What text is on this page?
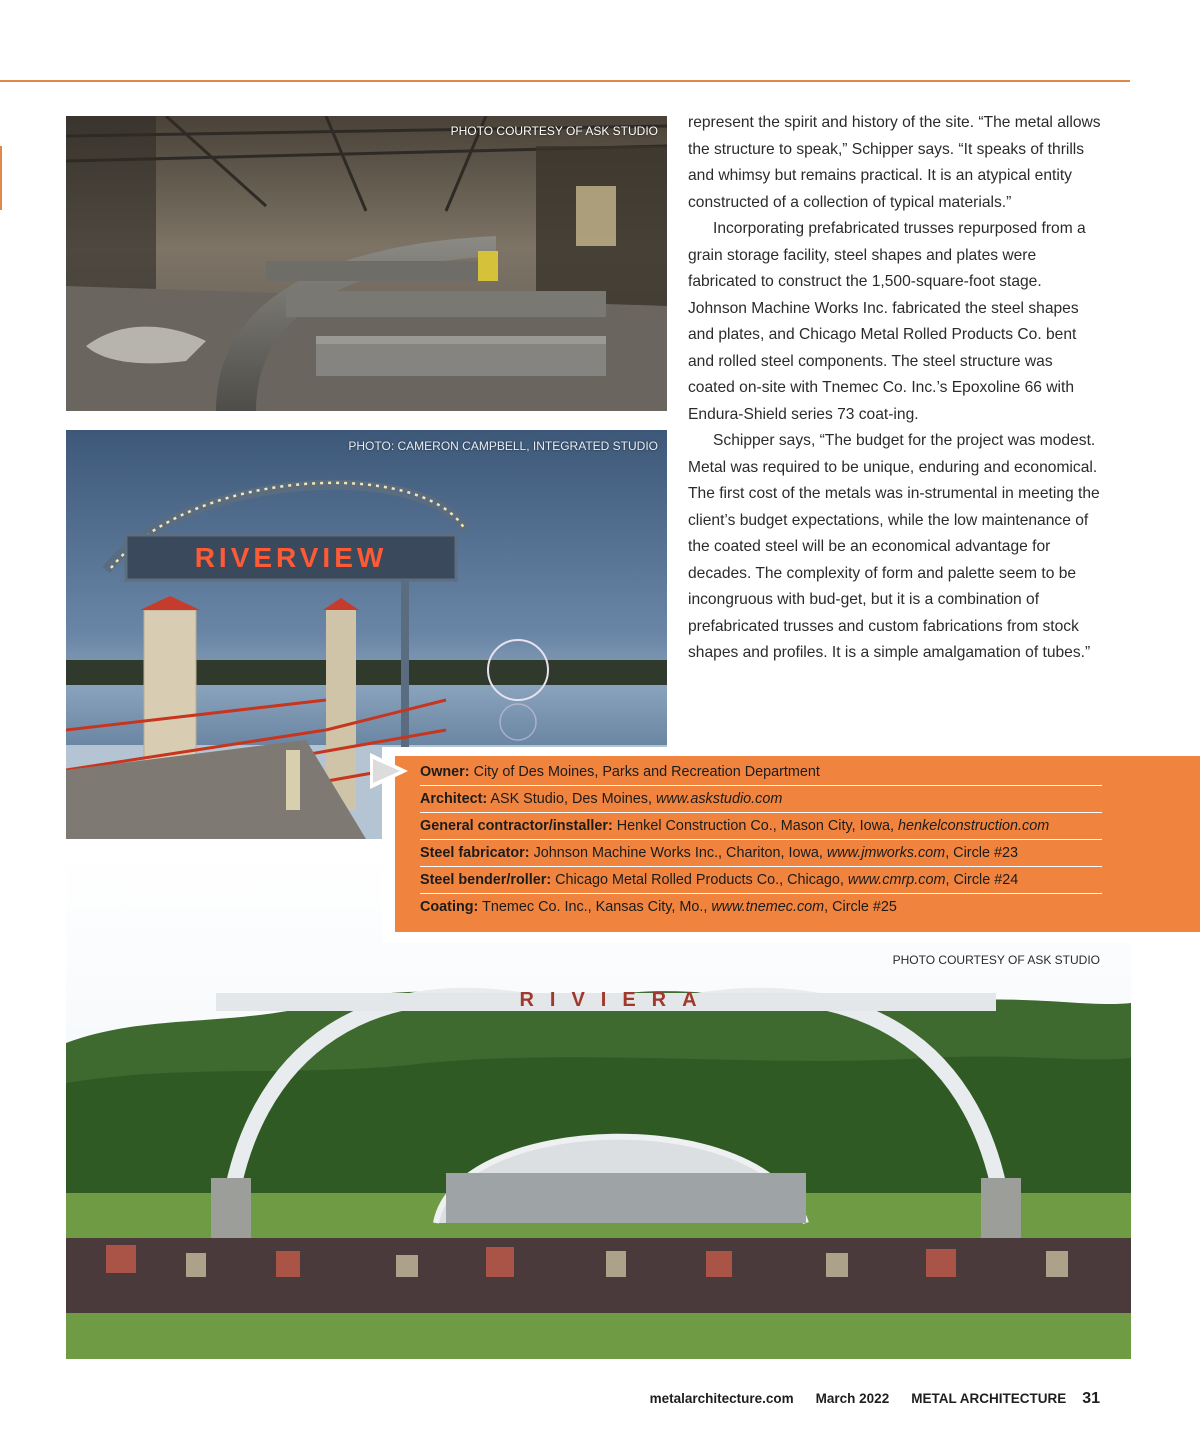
PHOTO COURTESY OF ASK STUDIO
RIVERVIEW
PHOTO: CAMERON CAMPBELL, INTEGRATED STUDIO
RIVIERA
PHOTO COURTESY OF ASK STUDIO

represent the spirit and history of the site. “The metal allows the structure to speak,” Schipper says. “It speaks of thrills and whimsy but remains practical. It is an atypical entity constructed of a collection of typical materials.”

Incorporating prefabricated trusses repurposed from a grain storage facility, steel shapes and plates were fabricated to construct the 1,500-square-foot stage. Johnson Machine Works Inc. fabricated the steel shapes and plates, and Chicago Metal Rolled Products Co. bent and rolled steel components. The steel structure was coated on-site with Tnemec Co. Inc.’s Epoxoline 66 with Endura-Shield series 73 coat-ing.

Schipper says, “The budget for the project was modest. Metal was required to be unique, enduring and economical. The first cost of the metals was in-strumental in meeting the client’s budget expectations, while the low maintenance of the coated steel will be an economical advantage for decades. The complexity of form and palette seem to be incongruous with bud-get, but it is a combination of prefabricated trusses and custom fabrications from stock shapes and profiles. It is a simple amalgamation of tubes.”

Owner: City of Des Moines, Parks and Recreation Department
Architect: ASK Studio, Des Moines, www.askstudio.com
General contractor/installer: Henkel Construction Co., Mason City, Iowa, henkelconstruction.com
Steel fabricator: Johnson Machine Works Inc., Chariton, Iowa, www.jmworks.com, Circle #23
Steel bender/roller: Chicago Metal Rolled Products Co., Chicago, www.cmrp.com, Circle #24
Coating: Tnemec Co. Inc., Kansas City, Mo., www.tnemec.com, Circle #25
metalarchitecture.com March 2022 METAL ARCHITECTURE 31
